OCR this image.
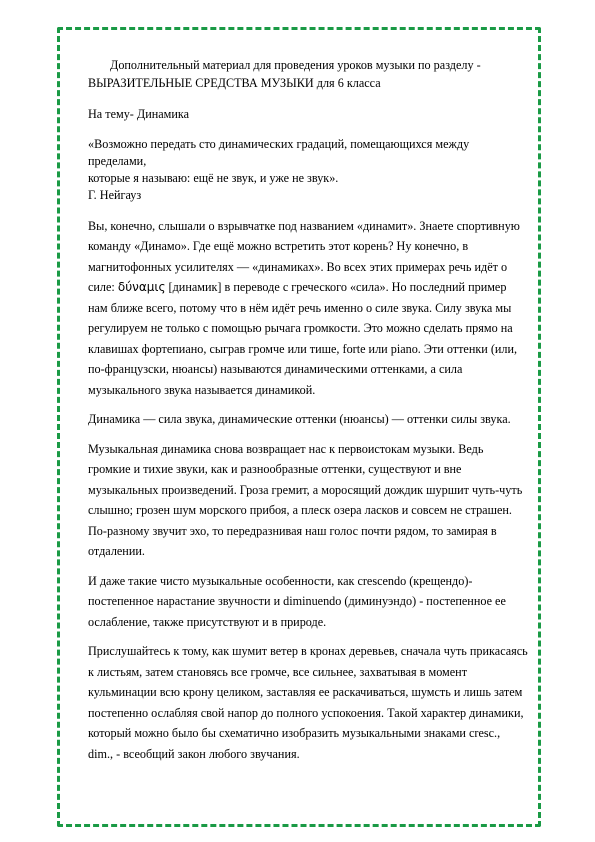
Дополнительный материал для проведения уроков музыки по разделу -
ВЫРАЗИТЕЛЬНЫЕ СРЕДСТВА МУЗЫКИ для 6 класса

На тему- Динамика

«Возможно передать сто динамических градаций, помещающихся между
пределами,
которые я называю: ещё не звук, и уже не звук».
Г. Нейгауз

Вы, конечно, слышали о взрывчатке под названием «динамит». Знаете спортивную команду «Динамо». Где ещё можно встретить этот корень? Ну конечно, в магнитофонных усилителях — «динамиках». Во всех этих примерах речь идёт о силе: δύναμις [динамик] в переводе с греческого «сила». Но последний пример нам ближе всего, потому что в нём идёт речь именно о силе звука. Силу звука мы регулируем не только с помощью рычага громкости. Это можно сделать прямо на клавишах фортепиано, сыграв громче или тише, forte или piano. Эти оттенки (или, по-французски, нюансы) называются динамическими оттенками, а сила музыкального звука называется динамикой.

Динамика — сила звука, динамические оттенки (нюансы) — оттенки силы звука.

Музыкальная динамика снова возвращает нас к первоистокам музыки. Ведь громкие и тихие звуки, как и разнообразные оттенки, существуют и вне музыкальных произведений. Гроза гремит, а моросящий дождик шуршит чуть-чуть слышно; грозен шум морского прибоя, а плеск озера ласков и совсем не страшен. По-разному звучит эхо, то передразнивая наш голос почти рядом, то замирая в отдалении.

И даже такие чисто музыкальные особенности, как crescendo (крещендо)- постепенное нарастание звучности и diminuendo (диминуэндо) - постепенное ее ослабление, также присутствуют и в природе.

Прислушайтесь к тому, как шумит ветер в кронах деревьев, сначала чуть прикасаясь к листьям, затем становясь все громче, все сильнее, захватывая в момент кульминации всю крону целиком, заставляя ее раскачиваться, шумсть и лишь затем постепенно ослабляя свой напор до полного успокоения. Такой характер динамики, который можно было бы схематично изобразить музыкальными знаками cresc., dim., - всеобщий закон любого звучания.
